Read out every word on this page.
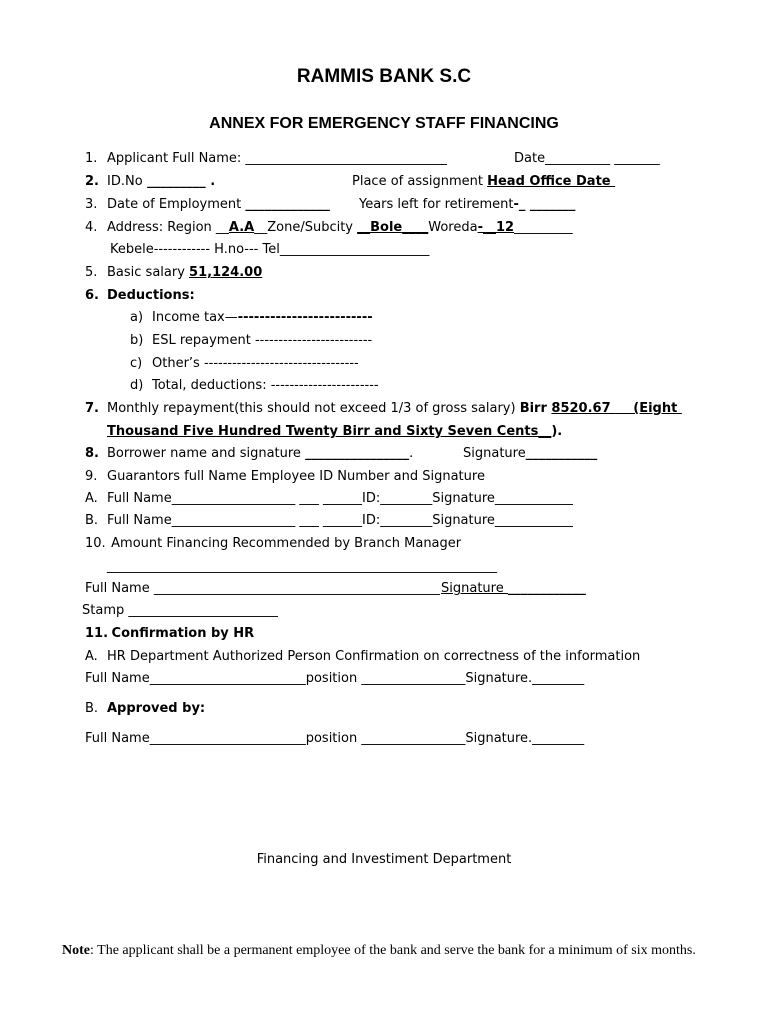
RAMMIS BANK S.C
ANNEX FOR EMERGENCY STAFF FINANCING
1. Applicant Full Name: _______________________________	Date__________ _______
2. ID.No _________ .	Place of assignment Head Office Date
3. Date of Employment _____________ Years left for retirement-_ _______
4. Address: Region __A.A__Zone/Subcity __Bole____Woreda-__12_________
Kebele------------ H.no--- Tel_______________________
5. Basic salary 51,124.00
6. Deductions:
a) Income tax—-------------------------
b) ESL repayment -------------------------
c) Other’s ---------------------------------
d) Total, deductions: -----------------------
7. Monthly repayment(this should not exceed 1/3 of gross salary) Birr 8520.67     (Eight
Thousand Five Hundred Twenty Birr and Sixty Seven Cents__).
8. Borrower name and signature ________________.	Signature___________
9. Guarantors full Name Employee ID Number and Signature
A. Full Name___________________ ___ ______ID:________Signature____________
B. Full Name___________________ ___ ______ID:________Signature____________
10. Amount Financing Recommended by Branch Manager
____________________________________________________________
Full Name ____________________________________________ Signature ____________
Stamp _______________________
11.
Confirmation by HR
A. HR Department Authorized Person Confirmation on correctness of the information
Full Name________________________position ________________Signature.________
B. Approved by:
Full Name________________________position ________________Signature.________
Financing and Investiment Department
Note: The applicant shall be a permanent employee of the bank and serve the bank for a minimum of six months.
